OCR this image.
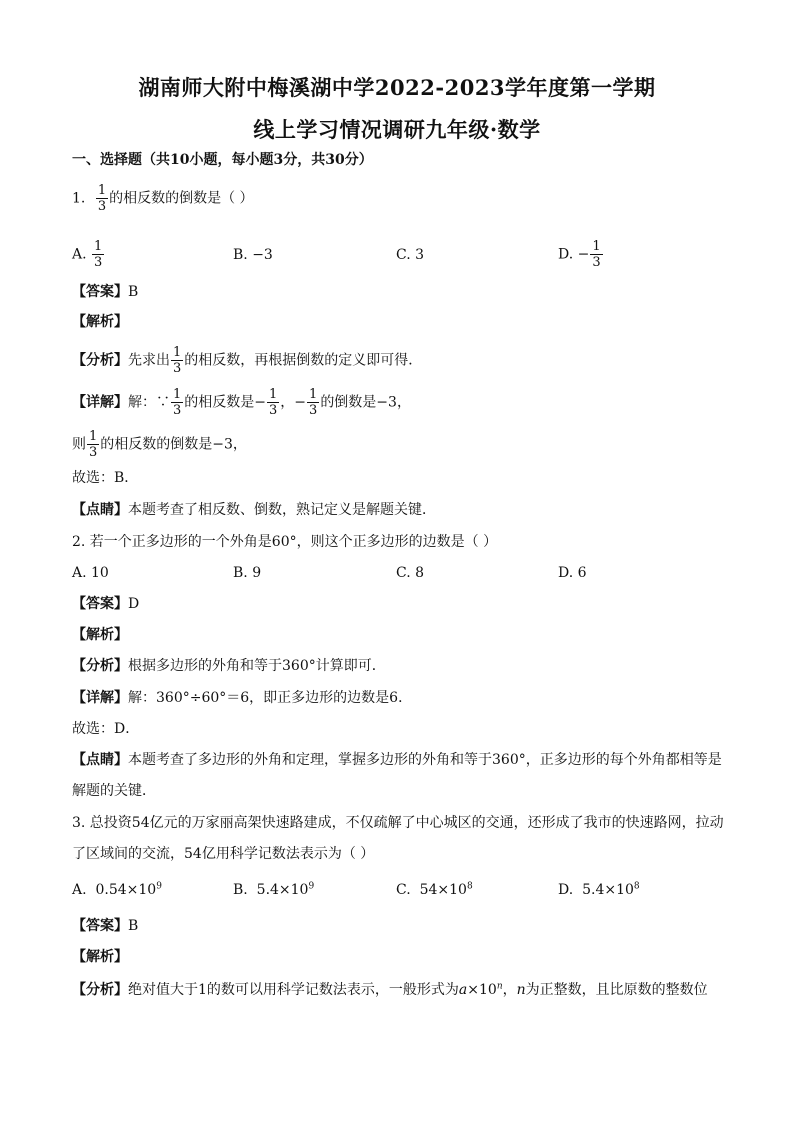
湖南师大附中梅溪湖中学2022-2023学年度第一学期
线上学习情况调研九年级·数学
一、选择题（共10小题，每小题3分，共30分）
1. $\frac{1}{3}$ 的相反数的倒数是（ ）
A. $\frac{1}{3}$	B. −3	C. 3	D. − $\frac{1}{3}$
【答案】B
【解析】
【分析】先求出 $\frac{1}{3}$ 的相反数，再根据倒数的定义即可得．
【详解】解：∵ $\frac{1}{3}$ 的相反数是− $\frac{1}{3}$ ，− $\frac{1}{3}$ 的倒数是−3，
则 $\frac{1}{3}$ 的相反数的倒数是−3，
故选：B．
【点睛】本题考查了相反数、倒数，熟记定义是解题关键．
2. 若一个正多边形的一个外角是60°，则这个正多边形的边数是（ ）
A. 10	B. 9	C. 8	D. 6
【答案】D
【解析】
【分析】根据多边形的外角和等于360°计算即可．
【详解】解：360°÷60°＝6，即正多边形的边数是6．
故选：D．
【点睛】本题考查了多边形的外角和定理，掌握多边形的外角和等于360°，正多边形的每个外角都相等是
解题的关键．
3. 总投资54亿元的万家丽高架快速路建成，不仅疏解了中心城区的交通，还形成了我市的快速路网，拉动
了区域间的交流，54亿用科学记数法表示为（ ）
A. $0.54\times 10^9$	B. $5.4\times 10^9$	C. $54\times 10^8$	D. $5.4\times 10^8$
【答案】B
【解析】
【分析】绝对值大于1的数可以用科学记数法表示，一般形式为$a\times 10^n$，n为正整数，且比原数的整数位
